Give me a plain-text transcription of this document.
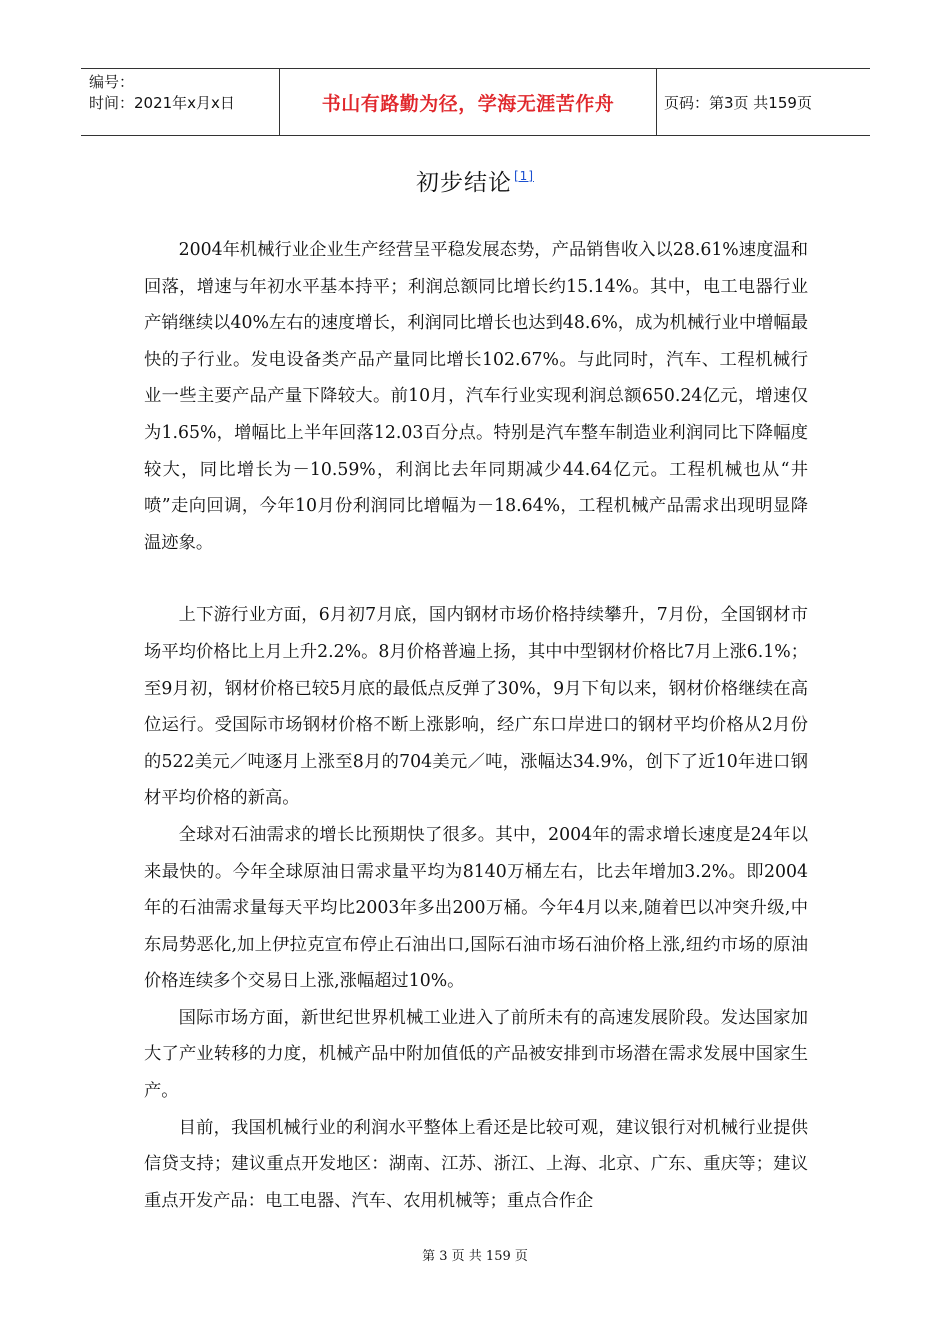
编号：
时间：2021年x月x日	书山有路勤为径，学海无涯苦作舟	页码：第3页 共159页
初步结论 [1]

2004年机械行业企业生产经营呈平稳发展态势，产品销售收入以28.61%速度温和回落，增速与年初水平基本持平；利润总额同比增长约15.14%。其中，电工电器行业产销继续以40%左右的速度增长，利润同比增长也达到48.6%，成为机械行业中增幅最快的子行业。发电设备类产品产量同比增长102.67%。与此同时，汽车、工程机械行业一些主要产品产量下降较大。前10月，汽车行业实现利润总额650.24亿元，增速仅为1.65%，增幅比上半年回落12.03百分点。特别是汽车整车制造业利润同比下降幅度较大，同比增长为－10.59%，利润比去年同期减少44.64亿元。工程机械也从“井喷”走向回调，今年10月份利润同比增幅为－18.64%，工程机械产品需求出现明显降温迹象。

上下游行业方面，6月初7月底，国内钢材市场价格持续攀升，7月份，全国钢材市场平均价格比上月上升2.2%。8月价格普遍上扬，其中中型钢材价格比7月上涨6.1%；至9月初，钢材价格已较5月底的最低点反弹了30%，9月下旬以来，钢材价格继续在高位运行。受国际市场钢材价格不断上涨影响，经广东口岸进口的钢材平均价格从2月份的522美元／吨逐月上涨至8月的704美元／吨，涨幅达34.9%，创下了近10年进口钢材平均价格的新高。

全球对石油需求的增长比预期快了很多。其中，2004年的需求增长速度是24年以来最快的。今年全球原油日需求量平均为8140万桶左右，比去年增加3.2%。即2004年的石油需求量每天平均比2003年多出200万桶。今年4月以来,随着巴以冲突升级,中东局势恶化,加上伊拉克宣布停止石油出口,国际石油市场石油价格上涨,纽约市场的原油价格连续多个交易日上涨,涨幅超过10%。

国际市场方面，新世纪世界机械工业进入了前所未有的高速发展阶段。发达国家加大了产业转移的力度，机械产品中附加值低的产品被安排到市场潜在需求发展中国家生产。

目前，我国机械行业的利润水平整体上看还是比较可观，建议银行对机械行业提供信贷支持；建议重点开发地区：湖南、江苏、浙江、上海、北京、广东、重庆等；建议重点开发产品：电工电器、汽车、农用机械等；重点合作企

第 3 页 共 159 页
